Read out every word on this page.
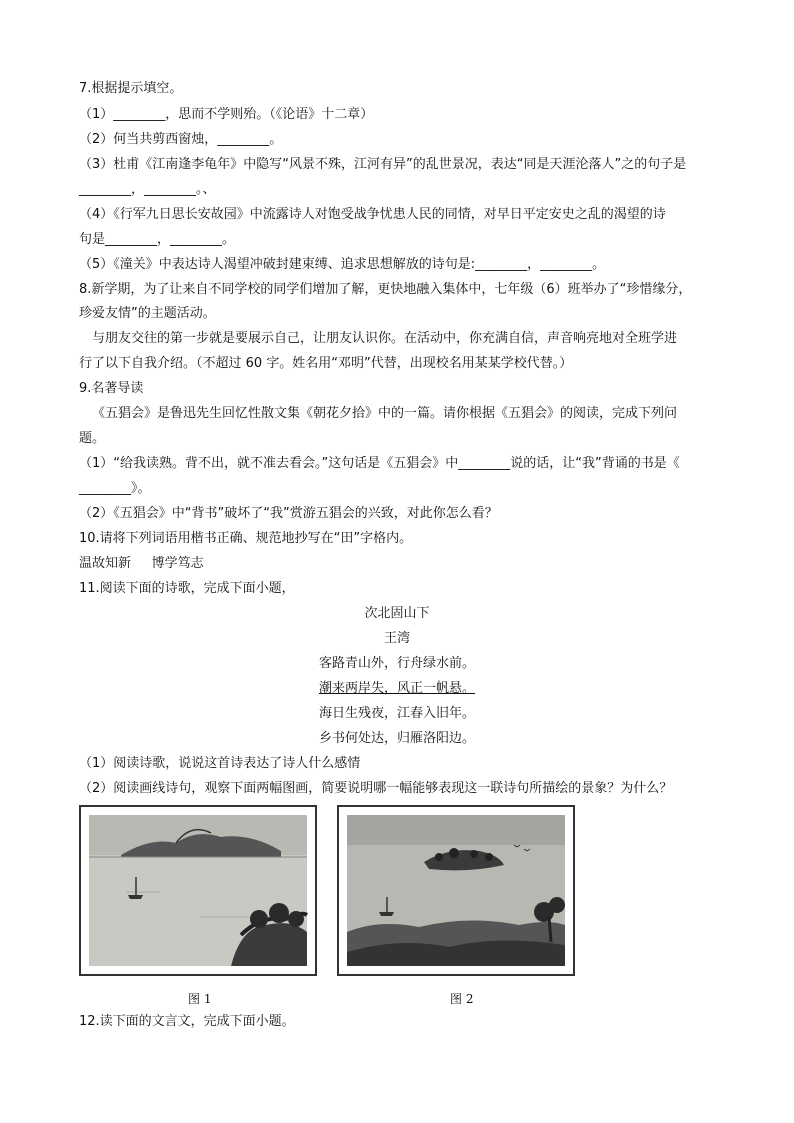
7.根据提示填空。
（1）________，思而不学则殆。（《论语》十二章）
（2）何当共剪西窗烛，________。
（3）杜甫《江南逢李龟年》中隐写“风景不殊，江河有异”的乱世景况，表达“同是天涯沦落人”之的句子是
________，________。、
（4）《行军九日思长安故园》中流露诗人对饱受战争忧患人民的同情，对早日平定安史之乱的渴望的诗
句是________，________。
（5）《潼关》中表达诗人渴望冲破封建束缚、追求思想解放的诗句是:________，________。
8.新学期，为了让来自不同学校的同学们增加了解，更快地融入集体中，七年级（6）班举办了“珍惜缘分，
珍爱友情”的主题活动。
与朋友交往的第一步就是要展示自己，让朋友认识你。在活动中，你充满自信，声音响亮地对全班学进
行了以下自我介绍。（不超过 60 字。姓名用“邓明”代替，出现校名用某某学校代替。）
9.名著导读
《五猖会》是鲁迅先生回忆性散文集《朝花夕拾》中的一篇。请你根据《五猖会》的阅读，完成下列问
题。
（1）“给我读熟。背不出，就不准去看会。”这句话是《五猖会》中________说的话，让“我”背诵的书是《
________》。
（2）《五猖会》中“背书”破坏了“我”赏游五猖会的兴致，对此你怎么看？
10.请将下列词语用楷书正确、规范地抄写在“田”字格内。
温故知新     博学笃志
11.阅读下面的诗歌，完成下面小题，
次北固山下
王湾
客路青山外，行舟绿水前。
潮来两岸失，风正一帆悬。
海日生残夜，江春入旧年。
乡书何处达，归雁洛阳边。
（1）阅读诗歌，说说这首诗表达了诗人什么感情
（2）阅读画线诗句，观察下面两幅图画，简要说明哪一幅能够表现这一联诗句所描绘的景象？为什么？
图 1	图 2
12.读下面的文言文，完成下面小题。
